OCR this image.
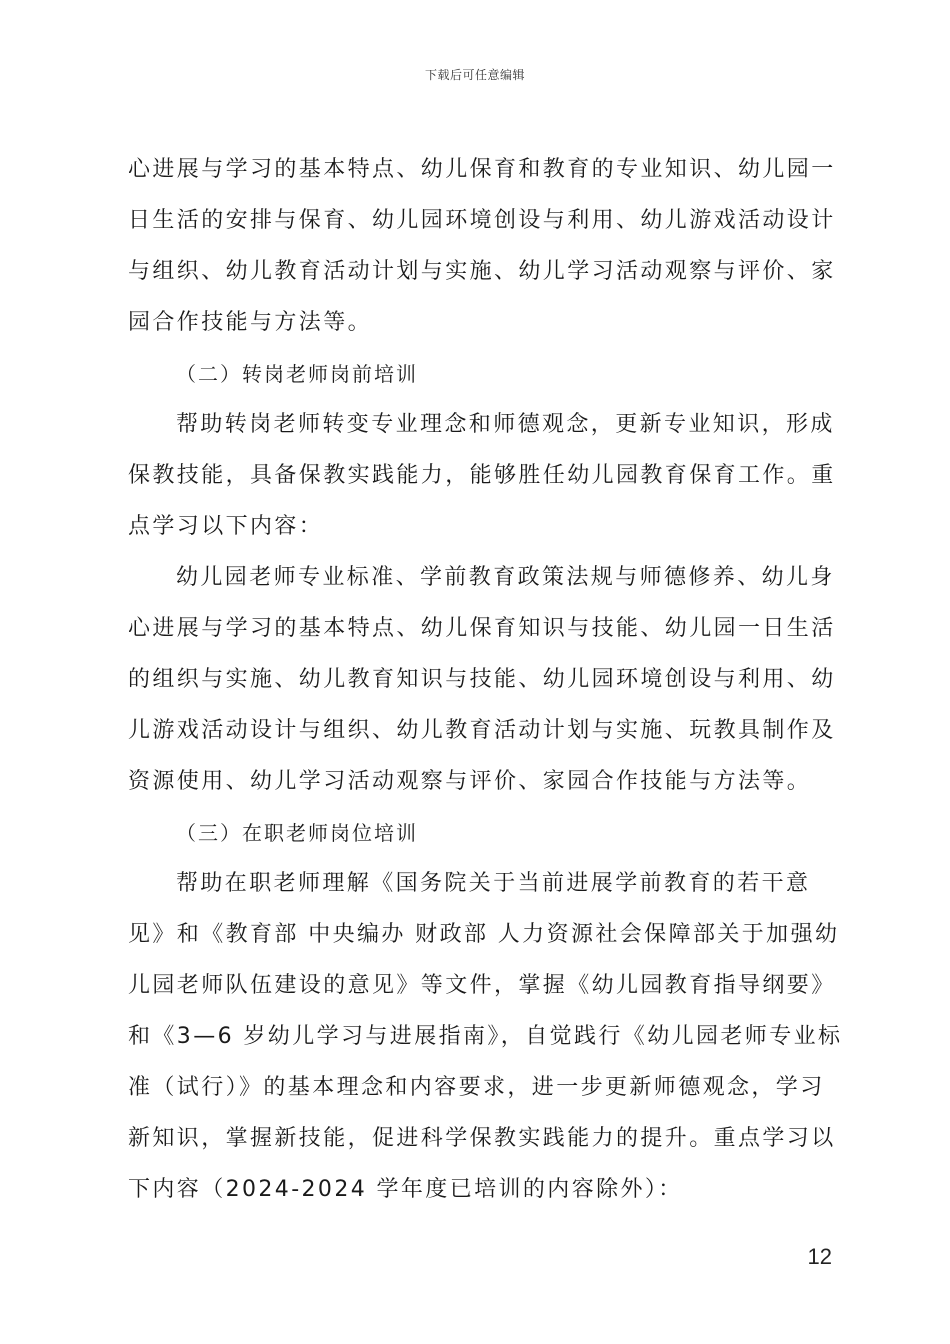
下载后可任意编辑
心进展与学习的基本特点、幼儿保育和教育的专业知识、幼儿园一
日生活的安排与保育、幼儿园环境创设与利用、幼儿游戏活动设计
与组织、幼儿教育活动计划与实施、幼儿学习活动观察与评价、家
园合作技能与方法等。
（二）转岗老师岗前培训
帮助转岗老师转变专业理念和师德观念，更新专业知识，形成
保教技能，具备保教实践能力，能够胜任幼儿园教育保育工作。重
点学习以下内容：
幼儿园老师专业标准、学前教育政策法规与师德修养、幼儿身
心进展与学习的基本特点、幼儿保育知识与技能、幼儿园一日生活
的组织与实施、幼儿教育知识与技能、幼儿园环境创设与利用、幼
儿游戏活动设计与组织、幼儿教育活动计划与实施、玩教具制作及
资源使用、幼儿学习活动观察与评价、家园合作技能与方法等。
（三）在职老师岗位培训
帮助在职老师理解《国务院关于当前进展学前教育的若干意
见》和《教育部 中央编办 财政部 人力资源社会保障部关于加强幼
儿园老师队伍建设的意见》等文件，掌握《幼儿园教育指导纲要》
和《3—6 岁幼儿学习与进展指南》，自觉践行《幼儿园老师专业标
准（试行）》的基本理念和内容要求，进一步更新师德观念，学习
新知识，掌握新技能，促进科学保教实践能力的提升。重点学习以
下内容（2024-2024 学年度已培训的内容除外）：
12
